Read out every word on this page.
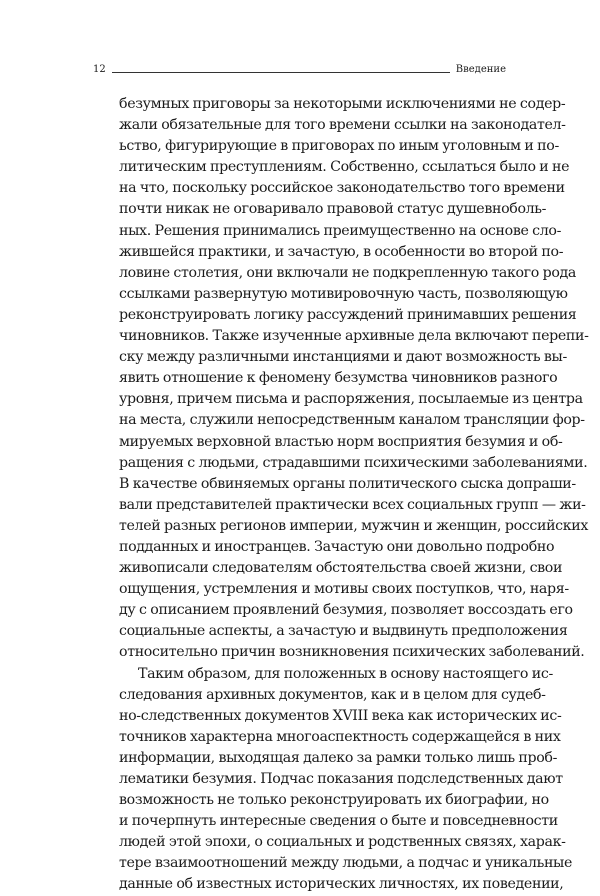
12	Введение
безумных приговоры за некоторыми исключениями не содер-
жали обязательные для того времени ссылки на законодател-
ьство, фигурирующие в приговорах по иным уголовным и по-
литическим преступлениям. Собственно, ссылаться было и не
на что, поскольку российское законодательство того времени
почти никак не оговаривало правовой статус душевноболь-
ных. Решения принимались преимущественно на основе сло-
жившейся практики, и зачастую, в особенности во второй по-
ловине столетия, они включали не подкрепленную такого рода
ссылками развернутую мотивировочную часть, позволяющую
реконструировать логику рассуждений принимавших решения
чиновников. Также изученные архивные дела включают перепи-
ску между различными инстанциями и дают возможность вы-
явить отношение к феномену безумства чиновников разного
уровня, причем письма и распоряжения, посылаемые из центра
на места, служили непосредственным каналом трансляции фор-
мируемых верховной властью норм восприятия безумия и об-
ращения с людьми, страдавшими психическими заболеваниями.
В качестве обвиняемых органы политического сыска допраши-
вали представителей практически всех социальных групп — жи-
телей разных регионов империи, мужчин и женщин, российских
подданных и иностранцев. Зачастую они довольно подробно
живописали следователям обстоятельства своей жизни, свои
ощущения, устремления и мотивы своих поступков, что, наря-
ду с описанием проявлений безумия, позволяет воссоздать его
социальные аспекты, а зачастую и выдвинуть предположения
относительно причин возникновения психических заболеваний.
Таким образом, для положенных в основу настоящего ис-
следования архивных документов, как и в целом для судеб-
но-следственных документов XVIII века как исторических ис-
точников характерна многоаспектность содержащейся в них
информации, выходящая далеко за рамки только лишь проб-
лематики безумия. Подчас показания подследственных дают
возможность не только реконструировать их биографии, но
и почерпнуть интересные сведения о быте и повседневности
людей этой эпохи, о социальных и родственных связях, харак-
тере взаимоотношений между людьми, а подчас и уникальные
данные об известных исторических личностях, их поведении,
